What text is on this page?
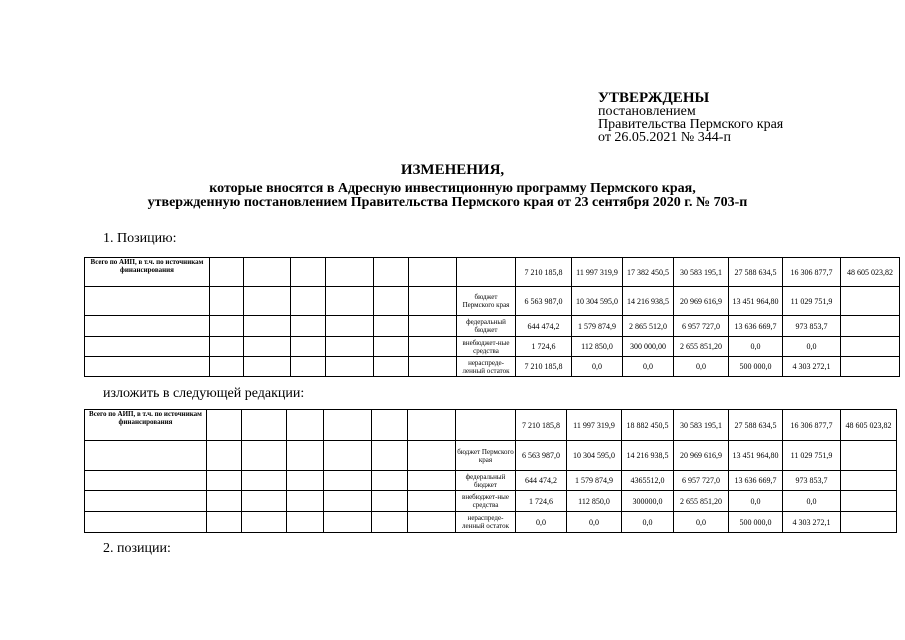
УТВЕРЖДЕНЫ
постановлением
Правительства Пермского края
от 26.05.2021 № 344-п
ИЗМЕНЕНИЯ,
которые вносятся в Адресную инвестиционную программу Пермского края,
утвержденную постановлением Правительства Пермского края от 23 сентября 2020 г. № 703-п
1. Позицию:
Всего по АИП, в т.ч. по источникам финансирования								7 210 185,8	11 997 319,9	17 382 450,5	30 583 195,1	27 588 634,5	16 306 877,7	48 605 023,82
							бюджет Пермского края	6 563 987,0	10 304 595,0	14 216 938,5	20 969 616,9	13 451 964,80	11 029 751,9	
							федеральный бюджет	644 474,2	1 579 874,9	2 865 512,0	6 957 727,0	13 636 669,7	973 853,7	
							внебюджет-ные средства	1 724,6	112 850,0	300 000,00	2 655 851,20	0,0	0,0	
							нераспреде-ленный остаток	7 210 185,8	0,0	0,0	0,0	500 000,0	4 303 272,1	
изложить в следующей редакции:
Всего по АИП, в т.ч. по источникам финансирования								7 210 185,8	11 997 319,9	18 882 450,5	30 583 195,1	27 588 634,5	16 306 877,7	48 605 023,82
							бюджет Пермского края	6 563 987,0	10 304 595,0	14 216 938,5	20 969 616,9	13 451 964,80	11 029 751,9	
							федеральный бюджет	644 474,2	1 579 874,9	4365512,0	6 957 727,0	13 636 669,7	973 853,7	
							внебюджет-ные средства	1 724,6	112 850,0	300000,0	2 655 851,20	0,0	0,0	
							нераспреде-ленный остаток	0,0	0,0	0,0	0,0	500 000,0	4 303 272,1	
2. позиции:
